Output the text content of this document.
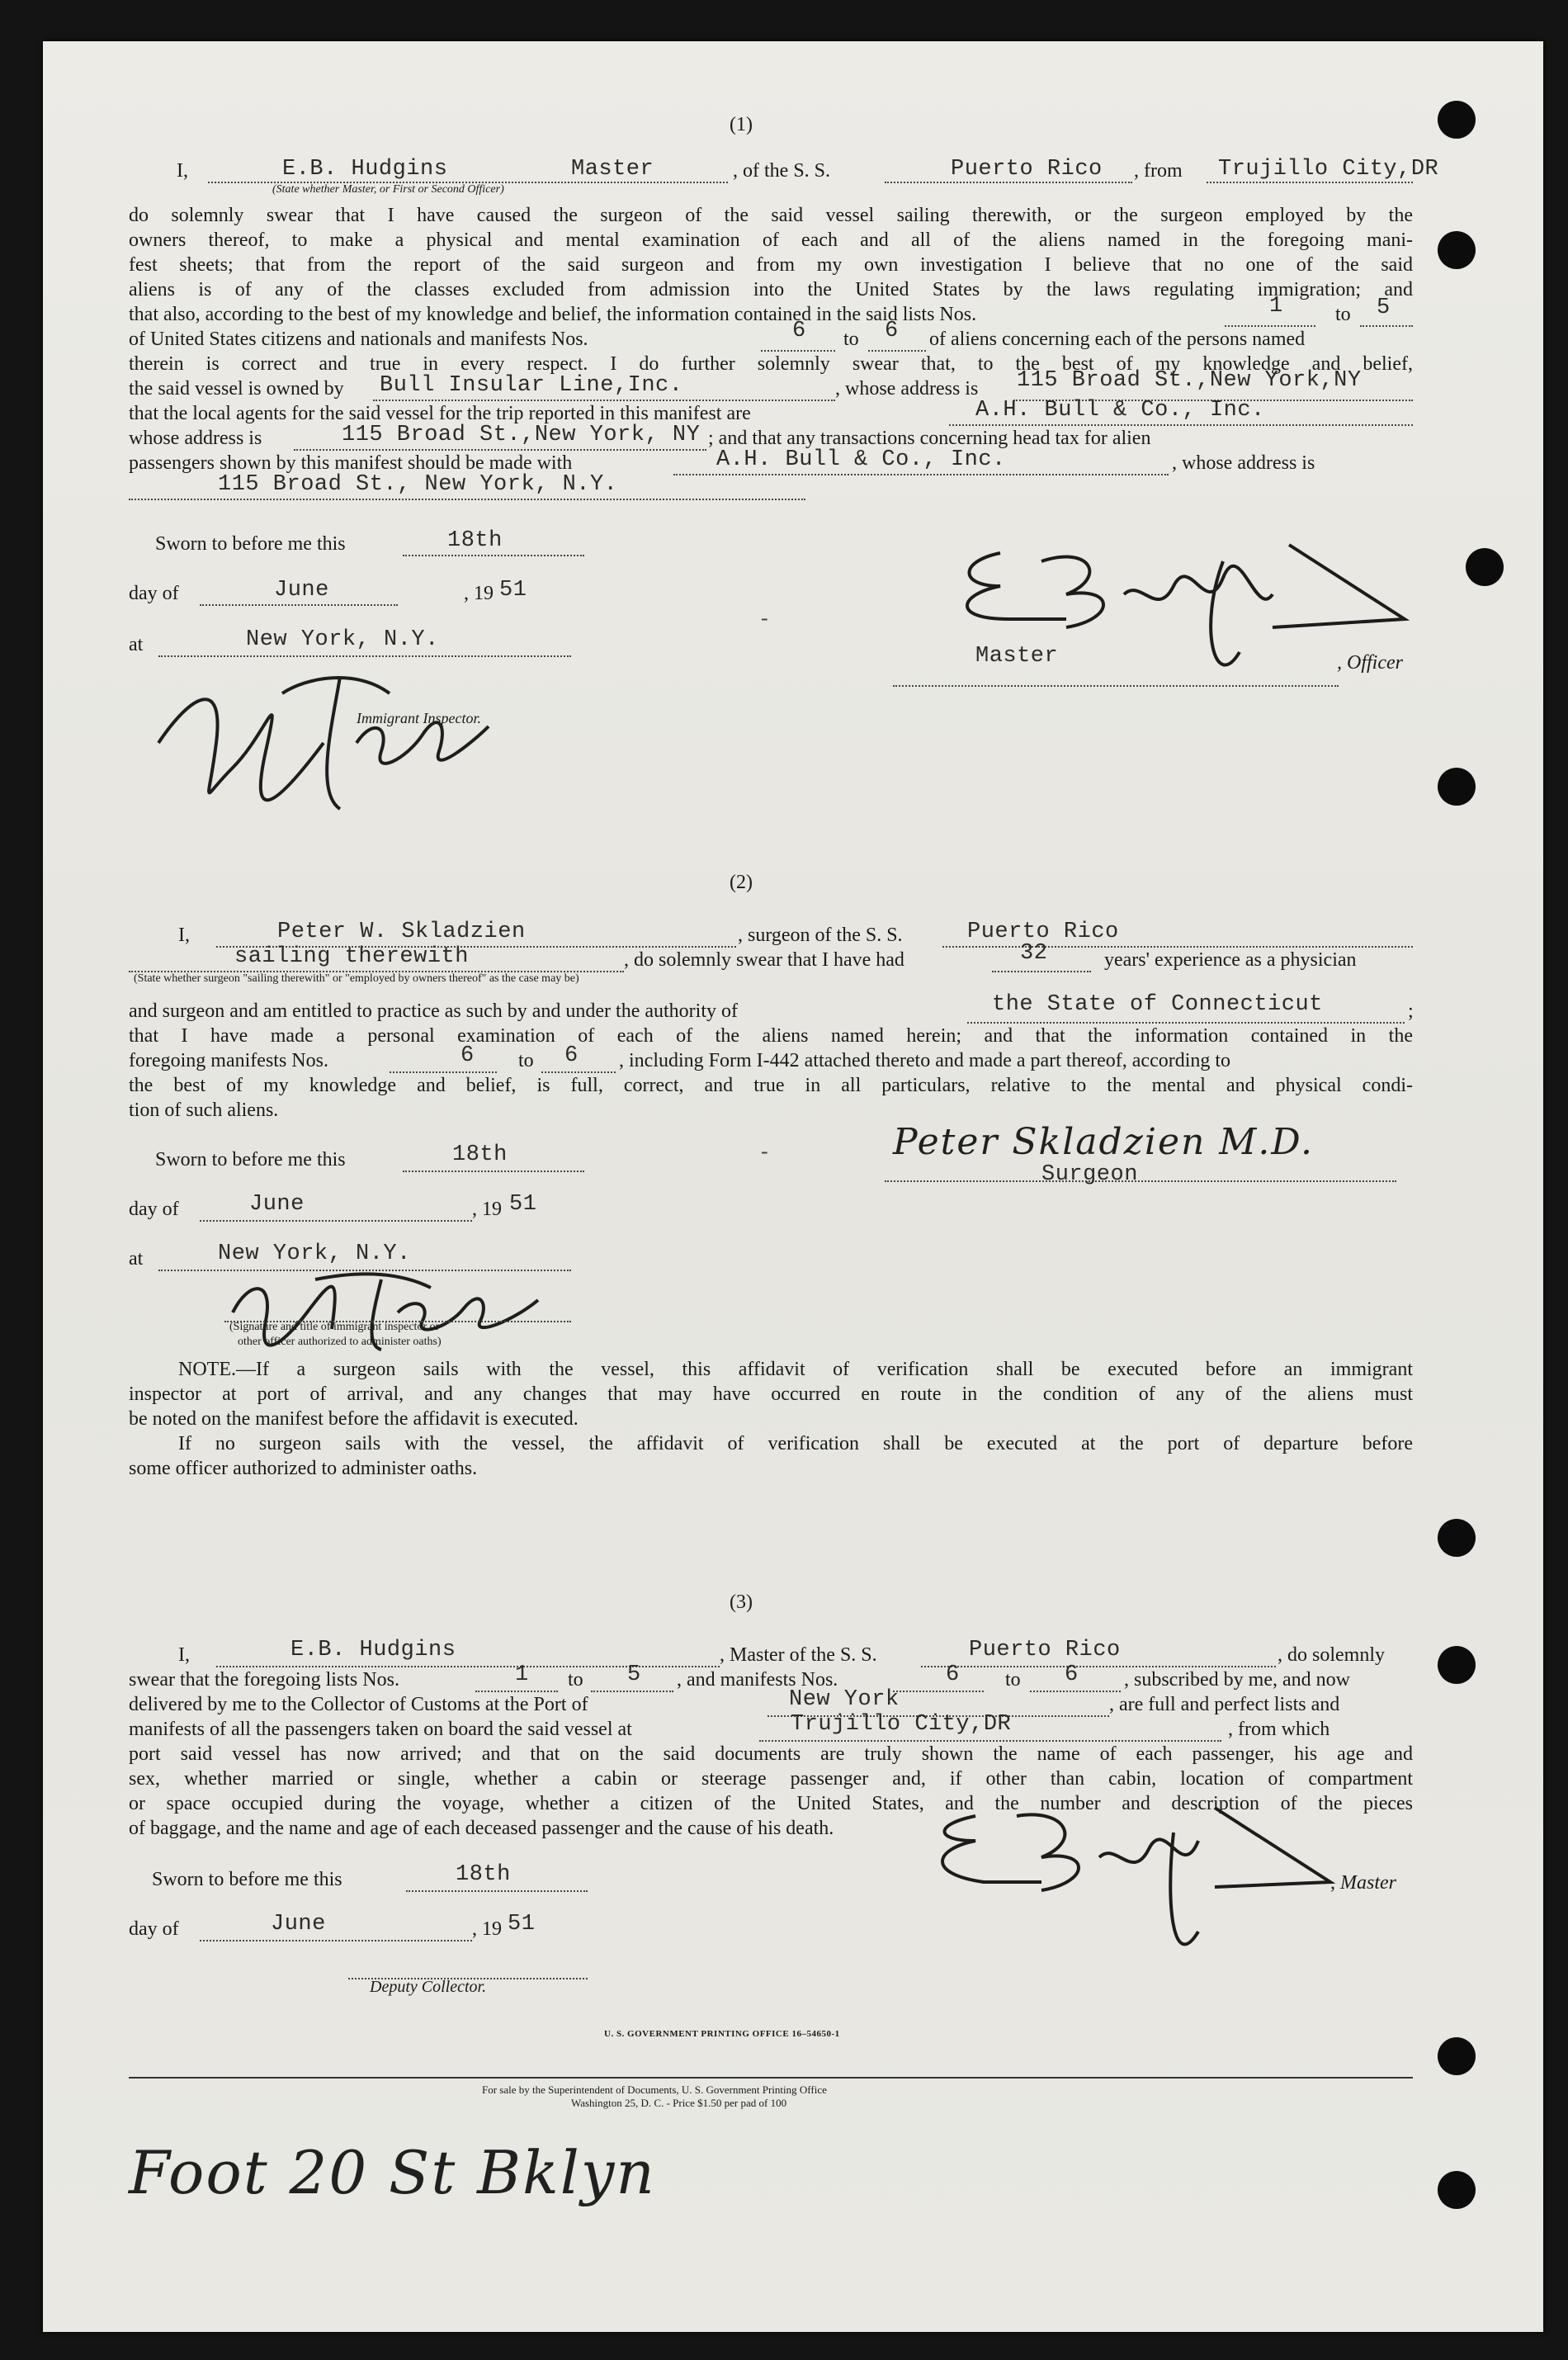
(1)
I,	E.B. Hudgins	Master	, of the S. S.	Puerto Rico , from Trujillo City,DR
(State whether Master, or First or Second Officer)
do solemnly swear that I have caused the surgeon of the said vessel sailing therewith, or the surgeon employed by the
owners thereof, to make a physical and mental examination of each and all of the aliens named in the foregoing mani-
fest sheets; that from the report of the said surgeon and from my own investigation I believe that no one of the said
aliens is of any of the classes excluded from admission into the United States by the laws regulating immigration; and
that also, according to the best of my knowledge and belief, the information contained in the said lists Nos.	1	to 5
of United States citizens and nationals and manifests Nos.	6 to 6 of aliens concerning each of the persons named
therein is correct and true in every respect. I do further solemnly swear that, to the best of my knowledge and belief,
the said vessel is owned by Bull Insular Line,Inc.	, whose address is 115 Broad St.,New York,NY
that the local agents for the said vessel for the trip reported in this manifest are	A.H. Bull & Co., Inc.
whose address is	115 Broad St.,New York, NY ; and that any transactions concerning head tax for alien
passengers shown by this manifest should be made with	A.H. Bull & Co., Inc.	, whose address is
115 Broad St., New York, N.Y.
Sworn to before me this	18th
day of	June	, 19 51
at	New York, N.Y.
Immigrant Inspector.
Master	, Officer
(2)
I,	Peter W. Skladzien	, surgeon of the S. S.	Puerto Rico
sailing therewith	, do solemnly swear that I have had	32	years' experience as a physician
(State whether surgeon "sailing therewith" or "employed by owners thereof" as the case may be)
and surgeon and am entitled to practice as such by and under the authority of	the State of Connecticut	;
that I have made a personal examination of each of the aliens named herein; and that the information contained in the
foregoing manifests Nos.	6 to 6 , including Form I-442 attached thereto and made a part thereof, according to
the best of my knowledge and belief, is full, correct, and true in all particulars, relative to the mental and physical condi-
tion of such aliens.
Sworn to before me this	18th
day of	June	, 19 51
at	New York, N.Y.
(Signature and title of immigrant inspector or
other officer authorized to administer oaths)
Peter Skladzien M.D.
Surgeon
NOTE.—If a surgeon sails with the vessel, this affidavit of verification shall be executed before an immigrant
inspector at port of arrival, and any changes that may have occurred en route in the condition of any of the aliens must
be noted on the manifest before the affidavit is executed.
If no surgeon sails with the vessel, the affidavit of verification shall be executed at the port of departure before
some officer authorized to administer oaths.
(3)
I,	E.B. Hudgins	, Master of the S. S.	Puerto Rico	, do solemnly
swear that the foregoing lists Nos.	1 to 5 , and manifests Nos.	6 to 6 , subscribed by me, and now
delivered by me to the Collector of Customs at the Port of	New York	, are full and perfect lists and
manifests of all the passengers taken on board the said vessel at	Trujillo City,DR	, from which
port said vessel has now arrived; and that on the said documents are truly shown the name of each passenger, his age and
sex, whether married or single, whether a cabin or steerage passenger and, if other than cabin, location of compartment
or space occupied during the voyage, whether a citizen of the United States, and the number and description of the pieces
of baggage, and the name and age of each deceased passenger and the cause of his death.
Sworn to before me this	18th
day of	June	, 19 51
Deputy Collector.
, Master
U. S. GOVERNMENT PRINTING OFFICE 16–54650-1
For sale by the Superintendent of Documents, U. S. Government Printing Office
Washington 25, D. C. - Price $1.50 per pad of 100
Foot 20 St Bklyn
-
-
